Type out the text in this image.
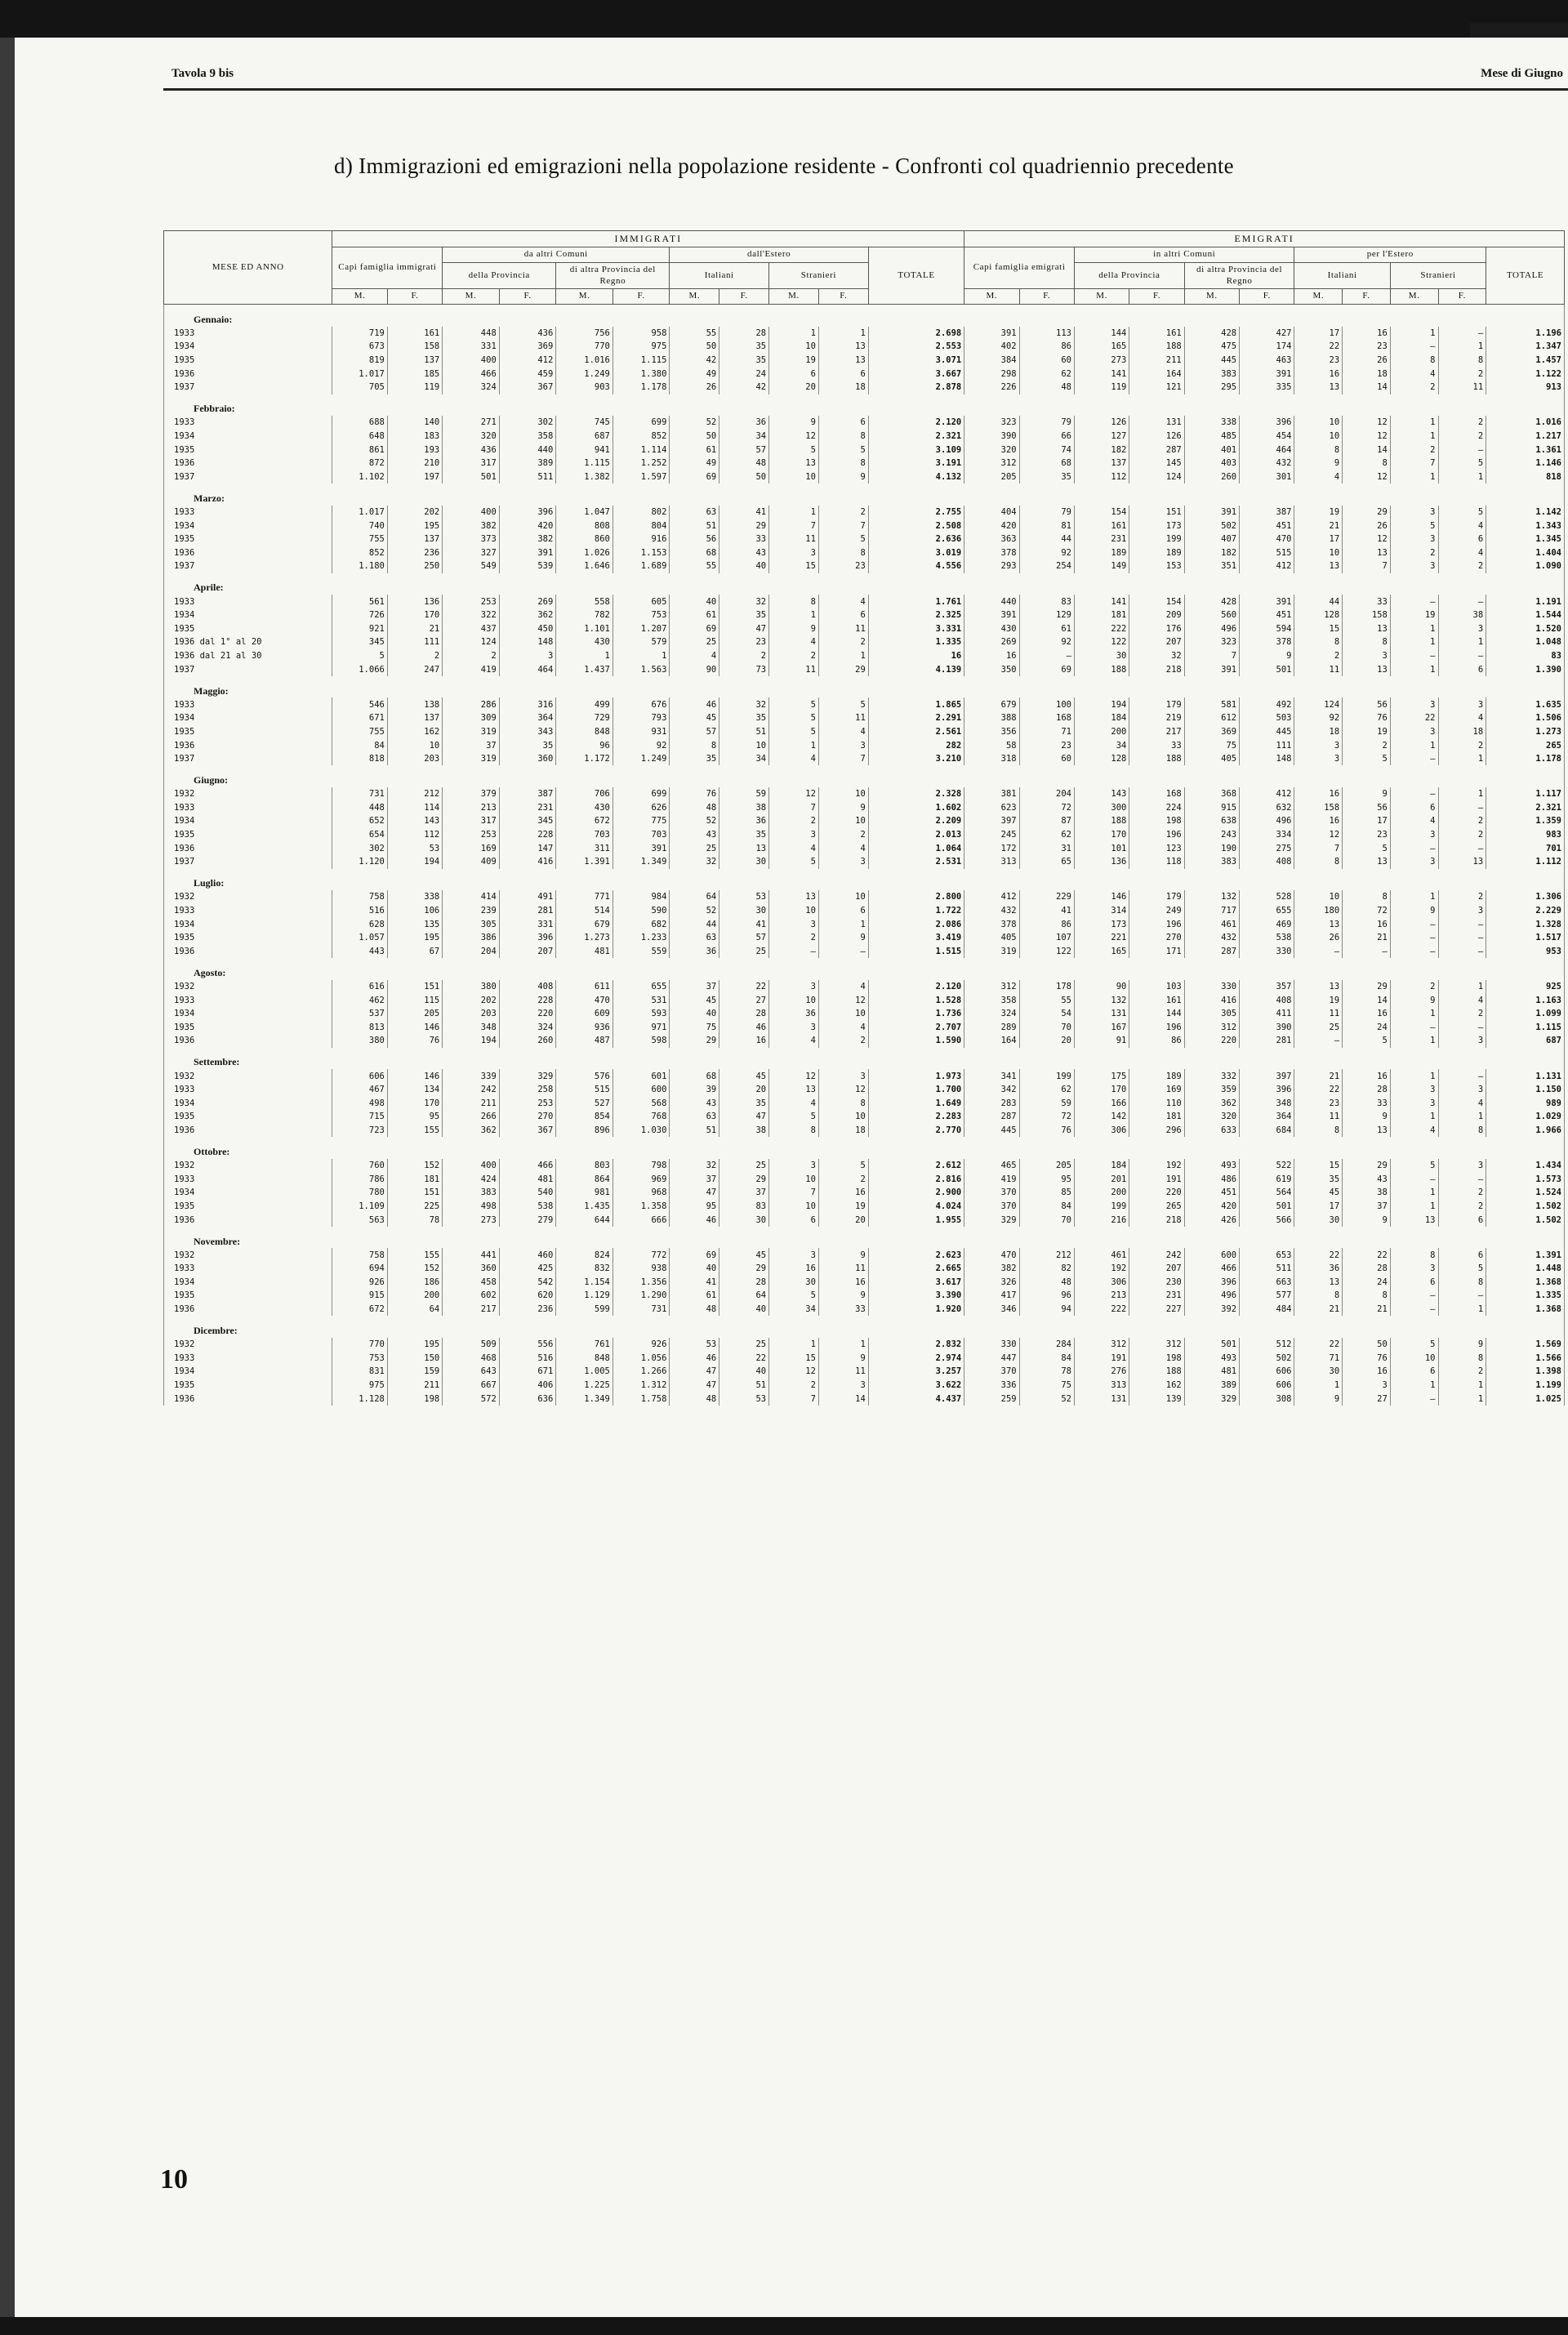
Tavola 9 bis	Mese di Giugno
d) Immigrazioni ed emigrazioni nella popolazione residente - Confronti col quadriennio precedente
MESE ED ANNO	IMMIGRATI											EMIGRATI										
	Capi famiglia immigrati		da altri Comuni				dall'Estero				TOTALE	Capi famiglia emigrati		in altri Comuni				per l'Estero				TOTALE
			della Provincia		di altra Provincia del Regno		Italiani		Stranieri					della Provincia		di altra Provincia del Regno		Italiani		Stranieri		
	M.	F.	M.	F.	M.	F.	M.	F.	M.	F.		M.	F.	M.	F.	M.	F.	M.	F.	M.	F.	
Gennaio:																						
1933	719	161	448	436	756	958	55	28	1	1	2.698	391	113	144	161	428	427	17	16	1	—	1.196
1934	673	158	331	369	770	975	50	35	10	13	2.553	402	86	165	188	475	174	22	23	—	1	1.347
1935	819	137	400	412	1.016	1.115	42	35	19	13	3.071	384	60	273	211	445	463	23	26	8	8	1.457
1936	1.017	185	466	459	1.249	1.380	49	24	6	6	3.667	298	62	141	164	383	391	16	18	4	2	1.122
1937	705	119	324	367	903	1.178	26	42	20	18	2.878	226	48	119	121	295	335	13	14	2	11	913
Febbraio:																						
1933	688	140	271	302	745	699	52	36	9	6	2.120	323	79	126	131	338	396	10	12	1	2	1.016
1934	648	183	320	358	687	852	50	34	12	8	2.321	390	66	127	126	485	454	10	12	1	2	1.217
1935	861	193	436	440	941	1.114	61	57	5	5	3.109	320	74	182	287	401	464	8	14	2	—	1.361
1936	872	210	317	389	1.115	1.252	49	48	13	8	3.191	312	68	137	145	403	432	9	8	7	5	1.146
1937	1.102	197	501	511	1.382	1.597	69	50	10	9	4.132	205	35	112	124	260	301	4	12	1	1	818
Marzo:																						
1933	1.017	202	400	396	1.047	802	63	41	1	2	2.755	404	79	154	151	391	387	19	29	3	5	1.142
1934	740	195	382	420	808	804	51	29	7	7	2.508	420	81	161	173	502	451	21	26	5	4	1.343
1935	755	137	373	382	860	916	56	33	11	5	2.636	363	44	231	199	407	470	17	12	3	6	1.345
1936	852	236	327	391	1.026	1.153	68	43	3	8	3.019	378	92	189	189	182	515	10	13	2	4	1.404
1937	1.180	250	549	539	1.646	1.689	55	40	15	23	4.556	293	254	149	153	351	412	13	7	3	2	1.090
Aprile:																						
1933	561	136	253	269	558	605	40	32	8	4	1.761	440	83	141	154	428	391	44	33	—	—	1.191
1934	726	170	322	362	782	753	61	35	1	6	2.325	391	129	181	209	560	451	128	158	19	38	1.544
1935	921	21	437	450	1.101	1.207	69	47	9	11	3.331	430	61	222	176	496	594	15	13	1	3	1.520
1936 dal 1° al 20	345	111	124	148	430	579	25	23	4	2	1.335	269	92	122	207	323	378	8	8	1	1	1.048
1936 dal 21 al 30	5	2	2	3	1	1	4	2	2	1	16	16	—	30	32	7	9	2	3	—	—	83
1937	1.066	247	419	464	1.437	1.563	90	73	11	29	4.139	350	69	188	218	391	501	11	13	1	6	1.390
Maggio:																						
1933	546	138	286	316	499	676	46	32	5	5	1.865	679	100	194	179	581	492	124	56	3	3	1.635
1934	671	137	309	364	729	793	45	35	5	11	2.291	388	168	184	219	612	503	92	76	22	4	1.506
1935	755	162	319	343	848	931	57	51	5	4	2.561	356	71	200	217	369	445	18	19	3	18	1.273
1936	84	10	37	35	96	92	8	10	1	3	282	58	23	34	33	75	111	3	2	1	2	265
1937	818	203	319	360	1.172	1.249	35	34	4	7	3.210	318	60	128	188	405	148	3	5	—	1	1.178
Giugno:																						
1932	731	212	379	387	706	699	76	59	12	10	2.328	381	204	143	168	368	412	16	9	—	1	1.117
1933	448	114	213	231	430	626	48	38	7	9	1.602	623	72	300	224	915	632	158	56	6	—	2.321
1934	652	143	317	345	672	775	52	36	2	10	2.209	397	87	188	198	638	496	16	17	4	2	1.359
1935	654	112	253	228	703	703	43	35	3	2	2.013	245	62	170	196	243	334	12	23	3	2	983
1936	302	53	169	147	311	391	25	13	4	4	1.064	172	31	101	123	190	275	7	5	—	—	701
1937	1.120	194	409	416	1.391	1.349	32	30	5	3	2.531	313	65	136	118	383	408	8	13	3	13	1.112
Luglio:																						
1932	758	338	414	491	771	984	64	53	13	10	2.800	412	229	146	179	132	528	10	8	1	2	1.306
1933	516	106	239	281	514	590	52	30	10	6	1.722	432	41	314	249	717	655	180	72	9	3	2.229
1934	628	135	305	331	679	682	44	41	3	1	2.086	378	86	173	196	461	469	13	16	—	—	1.328
1935	1.057	195	386	396	1.273	1.233	63	57	2	9	3.419	405	107	221	270	432	538	26	21	—	—	1.517
1936	443	67	204	207	481	559	36	25	—	—	1.515	319	122	165	171	287	330	—	—	—	—	953
Agosto:																						
1932	616	151	380	408	611	655	37	22	3	4	2.120	312	178	90	103	330	357	13	29	2	1	925
1933	462	115	202	228	470	531	45	27	10	12	1.528	358	55	132	161	416	408	19	14	9	4	1.163
1934	537	205	203	220	609	593	40	28	36	10	1.736	324	54	131	144	305	411	11	16	1	2	1.099
1935	813	146	348	324	936	971	75	46	3	4	2.707	289	70	167	196	312	390	25	24	—	—	1.115
1936	380	76	194	260	487	598	29	16	4	2	1.590	164	20	91	86	220	281	—	5	1	3	687
Settembre:																						
1932	606	146	339	329	576	601	68	45	12	3	1.973	341	199	175	189	332	397	21	16	1	—	1.131
1933	467	134	242	258	515	600	39	20	13	12	1.700	342	62	170	169	359	396	22	28	3	3	1.150
1934	498	170	211	253	527	568	43	35	4	8	1.649	283	59	166	110	362	348	23	33	3	4	989
1935	715	95	266	270	854	768	63	47	5	10	2.283	287	72	142	181	320	364	11	9	1	1	1.029
1936	723	155	362	367	896	1.030	51	38	8	18	2.770	445	76	306	296	633	684	8	13	4	8	1.966
Ottobre:																						
1932	760	152	400	466	803	798	32	25	3	5	2.612	465	205	184	192	493	522	15	29	5	3	1.434
1933	786	181	424	481	864	969	37	29	10	2	2.816	419	95	201	191	486	619	35	43	—	—	1.573
1934	780	151	383	540	981	968	47	37	7	16	2.900	370	85	200	220	451	564	45	38	1	2	1.524
1935	1.109	225	498	538	1.435	1.358	95	83	10	19	4.024	370	84	199	265	420	501	17	37	1	2	1.502
1936	563	78	273	279	644	666	46	30	6	20	1.955	329	70	216	218	426	566	30	9	13	6	1.502
Novembre:																						
1932	758	155	441	460	824	772	69	45	3	9	2.623	470	212	461	242	600	653	22	22	8	6	1.391
1933	694	152	360	425	832	938	40	29	16	11	2.665	382	82	192	207	466	511	36	28	3	5	1.448
1934	926	186	458	542	1.154	1.356	41	28	30	16	3.617	326	48	306	230	396	663	13	24	6	8	1.368
1935	915	200	602	620	1.129	1.290	61	64	5	9	3.390	417	96	213	231	496	577	8	8	—	—	1.335
1936	672	64	217	236	599	731	48	40	34	33	1.920	346	94	222	227	392	484	21	21	—	1	1.368
Dicembre:																						
1932	770	195	509	556	761	926	53	25	1	1	2.832	330	284	312	312	501	512	22	50	5	9	1.569
1933	753	150	468	516	848	1.056	46	22	15	9	2.974	447	84	191	198	493	502	71	76	10	8	1.566
1934	831	159	643	671	1.005	1.266	47	40	12	11	3.257	370	78	276	188	481	606	30	16	6	2	1.398
1935	975	211	667	406	1.225	1.312	47	51	2	3	3.622	336	75	313	162	389	606	1	3	1	1	1.199
1936	1.128	198	572	636	1.349	1.758	48	53	7	14	4.437	259	52	131	139	329	308	9	27	—	1	1.025
10
